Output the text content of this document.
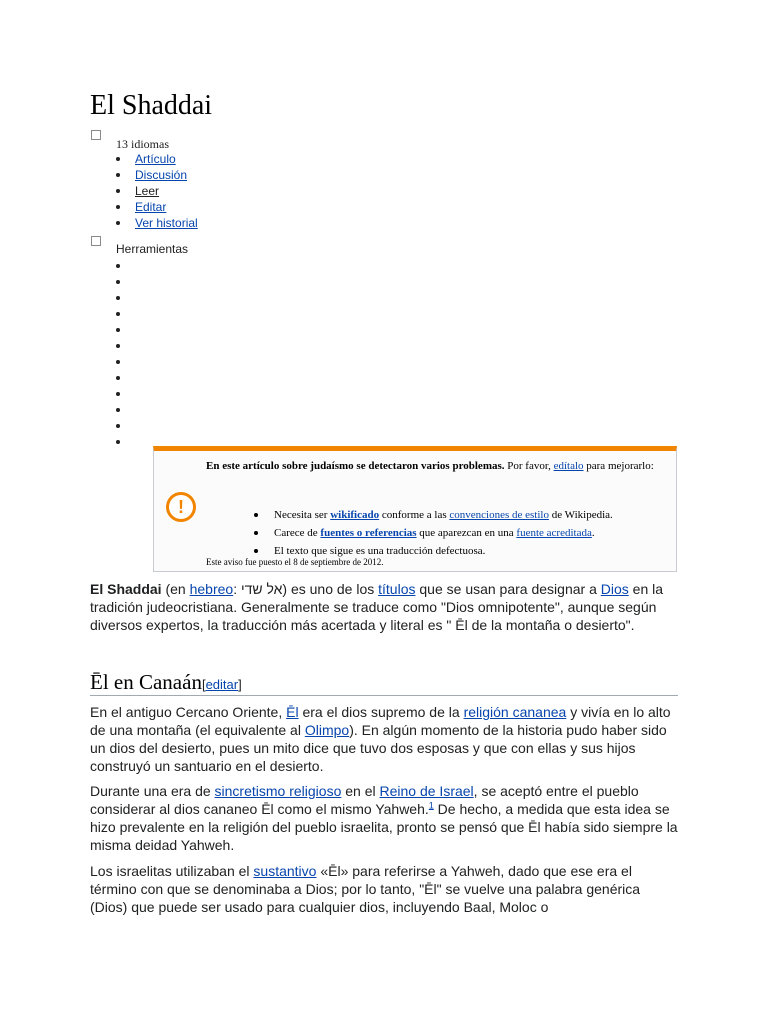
El Shaddai
13 idiomas
Artículo
Discusión
Leer
Editar
Ver historial
Herramientas
!
En este artículo sobre judaísmo se detectaron varios problemas. Por favor, edítalo para mejorarlo:
Necesita ser wikificado conforme a las convenciones de estilo de Wikipedia.
Carece de fuentes o referencias que aparezcan en una fuente acreditada.
El texto que sigue es una traducción defectuosa.
Este aviso fue puesto el 8 de septiembre de 2012.
El Shaddai (en hebreo: אל שדי) es uno de los títulos que se usan para designar a Dios en la tradición judeocristiana. Generalmente se traduce como "Dios omnipotente", aunque según diversos expertos, la traducción más acertada y literal es " Ēl de la montaña o desierto".
Ēl en Canaán[editar]
En el antiguo Cercano Oriente, Ēl era el dios supremo de la religión cananea y vivía en lo alto de una montaña (el equivalente al Olimpo). En algún momento de la historia pudo haber sido un dios del desierto, pues un mito dice que tuvo dos esposas y que con ellas y sus hijos construyó un santuario en el desierto.
Durante una era de sincretismo religioso en el Reino de Israel, se aceptó entre el pueblo considerar al dios cananeo Ēl como el mismo Yahweh.$^1$ De hecho, a medida que esta idea se hizo prevalente en la religión del pueblo israelita, pronto se pensó que Ēl había sido siempre la misma deidad Yahweh.
Los israelitas utilizaban el sustantivo «Ēl» para referirse a Yahweh, dado que ese era el término con que se denominaba a Dios; por lo tanto, "Ēl" se vuelve una palabra genérica (Dios) que puede ser usado para cualquier dios, incluyendo Baal, Moloc o
